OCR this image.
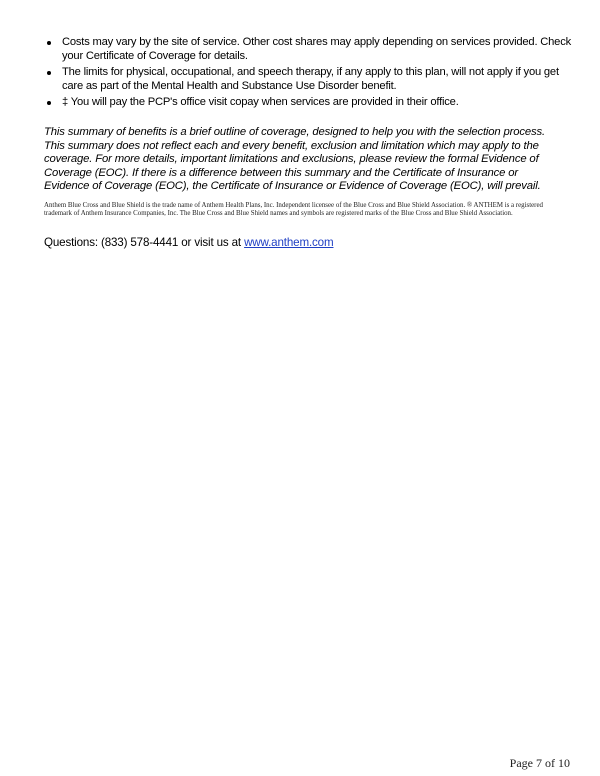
Costs may vary by the site of service. Other cost shares may apply depending on services provided. Check your Certificate of Coverage for details.
The limits for physical, occupational, and speech therapy, if any apply to this plan, will not apply if you get care as part of the Mental Health and Substance Use Disorder benefit.
‡ You will pay the PCP's office visit copay when services are provided in their office.

This summary of benefits is a brief outline of coverage, designed to help you with the selection process. This summary does not reflect each and every benefit, exclusion and limitation which may apply to the coverage. For more details, important limitations and exclusions, please review the formal Evidence of Coverage (EOC). If there is a difference between this summary and the Certificate of Insurance or Evidence of Coverage (EOC), the Certificate of Insurance or Evidence of Coverage (EOC), will prevail.

Anthem Blue Cross and Blue Shield is the trade name of Anthem Health Plans, Inc. Independent licensee of the Blue Cross and Blue Shield Association. ® ANTHEM is a registered trademark of Anthem Insurance Companies, Inc. The Blue Cross and Blue Shield names and symbols are registered marks of the Blue Cross and Blue Shield Association.

Questions: (833) 578-4441 or visit us at www.anthem.com

Page 7 of 10
